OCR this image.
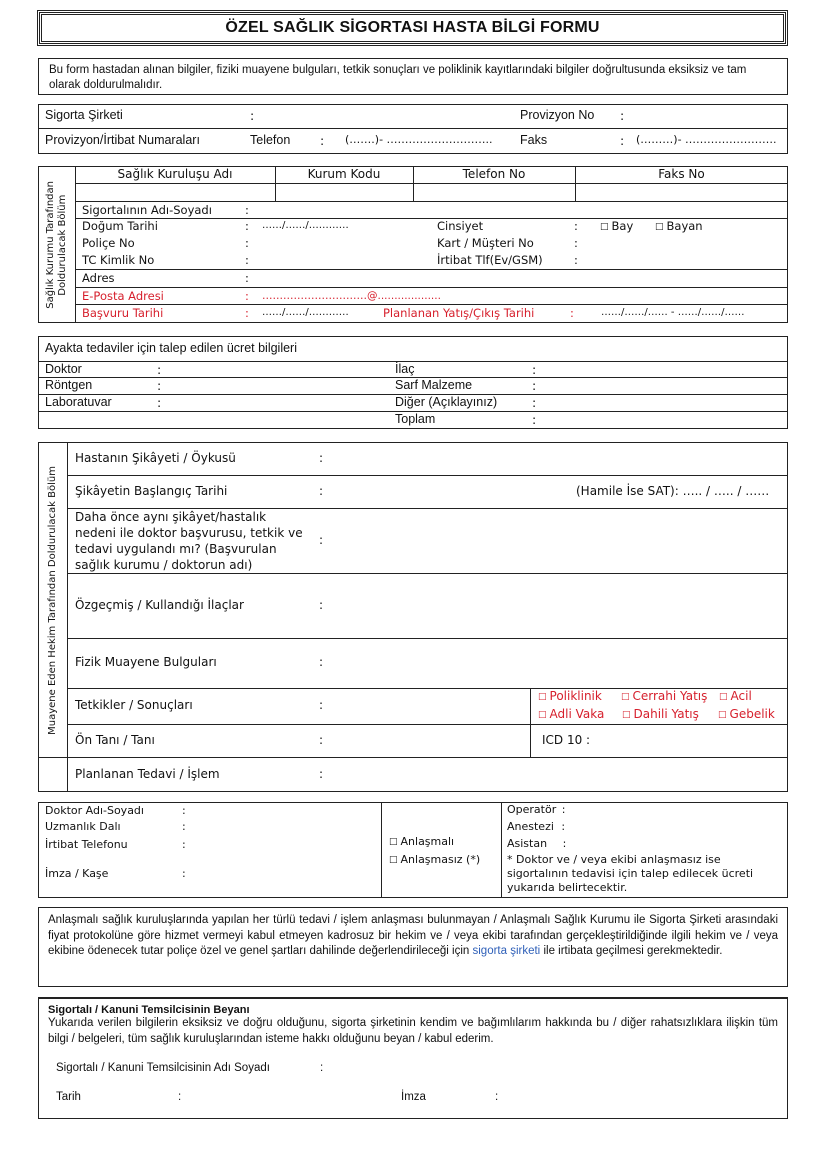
ÖZEL SAĞLIK SİGORTASI HASTA BİLGİ FORMU
Bu form hastadan alınan bilgiler, fiziki muayene bulguları, tetkik sonuçları ve poliklinik kayıtlarındaki bilgiler doğrultusunda eksiksiz ve tam olarak doldurulmalıdır.
Sigorta Şirketi	:	Provizyon No :
Provizyon/İrtibat Numaraları	Telefon : (…….)- ……………………….. Faks	: (………)- …………………….
Sağlık Kurumu Tarafından
Doldurulacak Bölüm
Sağlık Kuruluşu Adı	Kurum Kodu	Telefon No	Faks No
Sigortalının Adı-Soyadı	:
Doğum Tarihi	: ……/……/…………	Cinsiyet	: □ Bay □ Bayan
Poliçe No	:	Kart / Müşteri No	:
TC Kimlik No	:	İrtibat Tlf(Ev/GSM)	:
Adres	:
E-Posta Adresi	: …………………………@...................
Başvuru Tarihi	: ……/……/…………	Planlanan Yatış/Çıkış Tarihi	:	……/……/…… - ……/……/……
Ayakta tedaviler için talep edilen ücret bilgileri
Doktor	:	İlaç	:
Röntgen	:	Sarf Malzeme	:
Laboratuvar	:	Diğer (Açıklayınız)	:
Toplam	:
Muayene Eden Hekim Tarafından Doldurulacak Bölüm
Hastanın Şikâyeti / Öykusü	:
Şikâyetin Başlangıç Tarihi	:	(Hamile İse SAT): ….. / ….. / ……
Daha önce aynı şikâyet/hastalık nedeni ile doktor başvurusu, tetkik ve tedavi uygulandı mı? (Başvurulan sağlık kurumu / doktorun adı)
:
Özgeçmiş / Kullandığı İlaçlar	:
Fizik Muayene Bulguları	:
Tetkikler / Sonuçları	:
□ Poliklinik □ Cerrahi Yatış □ Acil
□ Adli Vaka □ Dahili Yatış □ Gebelik
Ön Tanı / Tanı	:	ICD 10 :
Planlanan Tedavi / İşlem	:
Doktor Adı-Soyadı	:
Uzmanlık Dalı	:
İrtibat Telefonu	:
İmza / Kaşe	:
□ Anlaşmalı
□ Anlaşmasız (*)
Operatör :
Anestezi :
Asistan :
* Doktor ve / veya ekibi anlaşmasız ise sigortalının tedavisi için talep edilecek ücreti yukarıda belirtecektir.
Anlaşmalı sağlık kuruluşlarında yapılan her türlü tedavi / işlem anlaşması bulunmayan / Anlaşmalı Sağlık Kurumu ile Sigorta Şirketi arasındaki fiyat protokolüne göre hizmet vermeyi kabul etmeyen kadrosuz bir hekim ve / veya ekibi tarafından gerçekleştirildiğinde ilgili hekim ve / veya ekibine ödenecek tutar poliçe özel ve genel şartları dahilinde değerlendirileceği için sigorta şirketi ile irtibata geçilmesi gerekmektedir.
Sigortalı / Kanuni Temsilcisinin Beyanı
Yukarıda verilen bilgilerin eksiksiz ve doğru olduğunu, sigorta şirketinin kendim ve bağımlılarım hakkında bu / diğer rahatsızlıklara ilişkin tüm bilgi / belgeleri, tüm sağlık kuruluşlarından isteme hakkı olduğunu beyan / kabul ederim.
Sigortalı / Kanuni Temsilcisinin Adı Soyadı	:
Tarih	:	İmza	:
